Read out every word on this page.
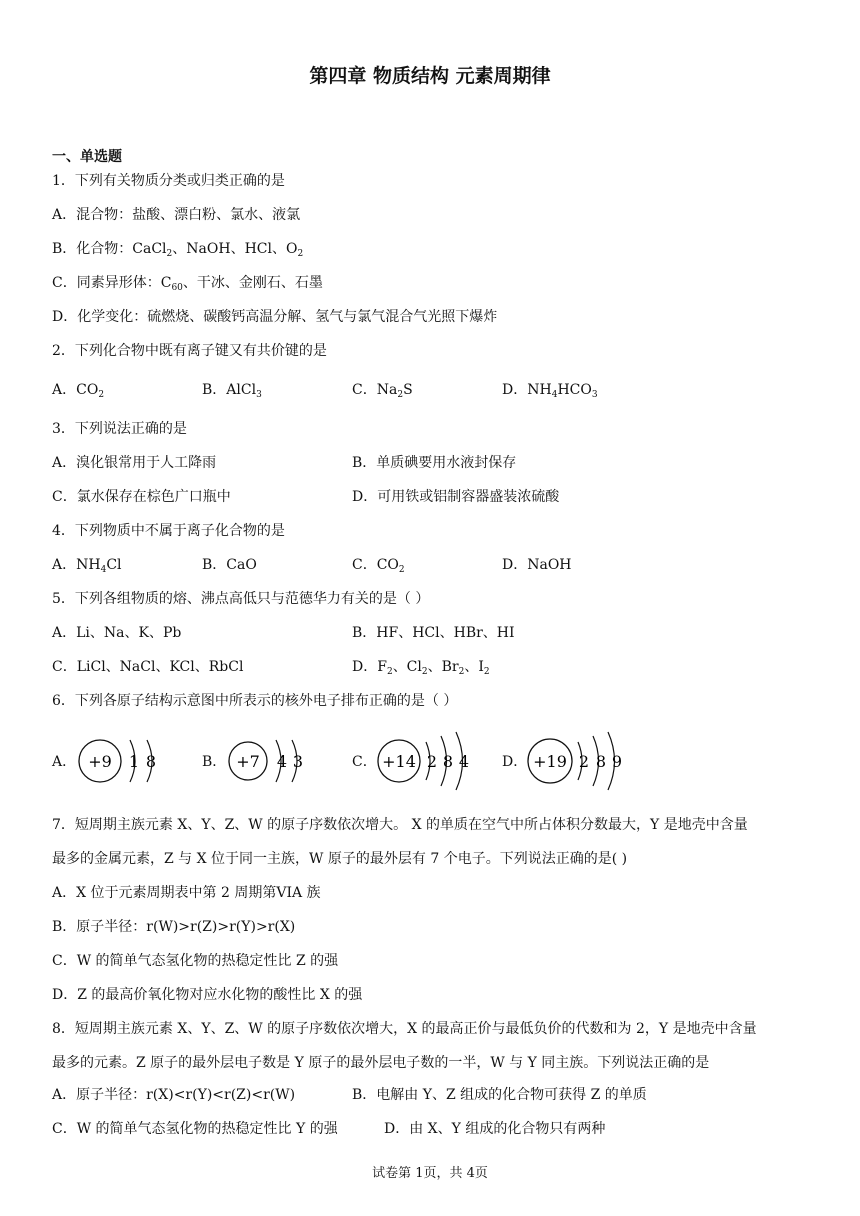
第四章 物质结构 元素周期律
一、单选题
1．下列有关物质分类或归类正确的是
A．混合物：盐酸、漂白粉、氯水、液氯
B．化合物：CaCl$_2$、NaOH、HCl、$O_2$
C．同素异形体：$C_{60}$、干冰、金刚石、石墨
D．化学变化：硫燃烧、碳酸钙高温分解、氢气与氯气混合气光照下爆炸
2．下列化合物中既有离子键又有共价键的是
A．$CO_2$	B．AlCl$_3$	C．$Na_2S$	D．$NH_4HCO_3$
3．下列说法正确的是
A．溴化银常用于人工降雨	B．单质碘要用水液封保存
C．氯水保存在棕色广口瓶中	D．可用铁或铝制容器盛装浓硫酸
4．下列物质中不属于离子化合物的是
A．$NH_4Cl$	B．CaO	C．$CO_2$	D．NaOH
5．下列各组物质的熔、沸点高低只与范德华力有关的是（ ）
A．Li、Na、K、Pb	B．HF、HCl、HBr、HI
C．LiCl、NaCl、KCl、RbCl	D．$F_2$、$Cl_2$、$Br_2$、$I_2$
6．下列各原子结构示意图中所表示的核外电子排布正确的是（ ）
A． +9 1 8	B． +7 4 3	C． +14 2 8 4 D． +19 2 8 9
7．短周期主族元素 X、Y、Z、W 的原子序数依次增大。 X 的单质在空气中所占体积分数最大，Y 是地壳中含量
最多的金属元素，Z 与 X 位于同一主族，W 原子的最外层有 7 个电子。下列说法正确的是( )
A．X 位于元素周期表中第 2 周期第VIA 族
B．原子半径：r(W)>r(Z)>r(Y)>r(X)
C．W 的简单气态氢化物的热稳定性比 Z 的强
D．Z 的最高价氧化物对应水化物的酸性比 X 的强
8．短周期主族元素 X、Y、Z、W 的原子序数依次增大，X 的最高正价与最低负价的代数和为 2，Y 是地壳中含量
最多的元素。Z 原子的最外层电子数是 Y 原子的最外层电子数的一半，W 与 Y 同主族。下列说法正确的是
A．原子半径：r(X)<r(Y)<r(Z)<r(W)	B．电解由 Y、Z 组成的化合物可获得 Z 的单质
C．W 的简单气态氢化物的热稳定性比 Y 的强	D．由 X、Y 组成的化合物只有两种
试卷第 1页，共 4页
